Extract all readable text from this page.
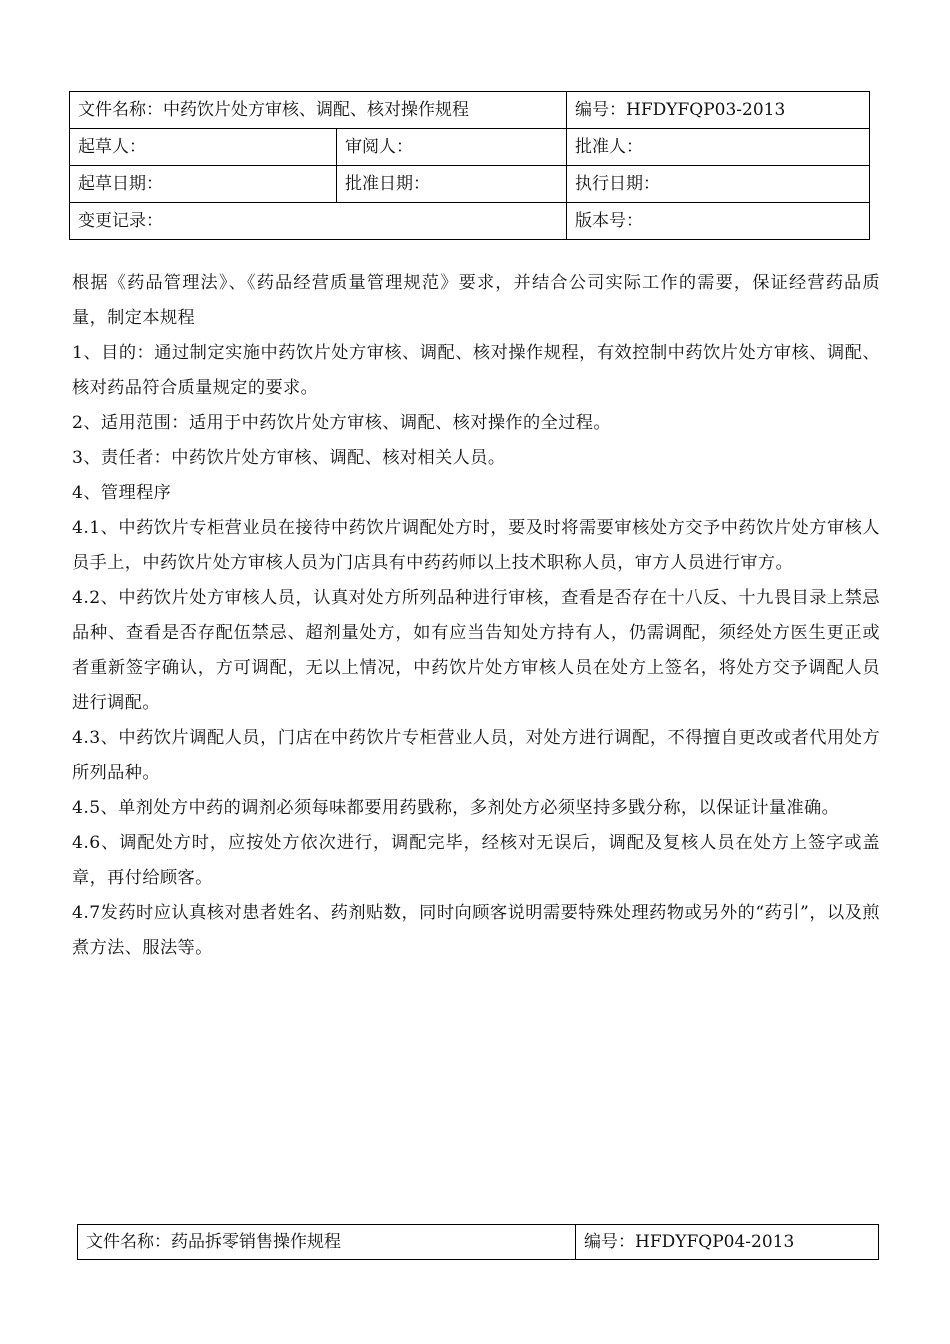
文件名称：中药饮片处方审核、调配、核对操作规程		编号：HFDYFQP03-2013
起草人：	审阅人：	批准人：
起草日期：	批准日期：	执行日期：
变更记录：		版本号：

根据《药品管理法》、《药品经营质量管理规范》要求，并结合公司实际工作的需要，保证经营药品质量，制定本规程

1、目的：通过制定实施中药饮片处方审核、调配、核对操作规程，有效控制中药饮片处方审核、调配、核对药品符合质量规定的要求。

2、适用范围：适用于中药饮片处方审核、调配、核对操作的全过程。

3、责任者：中药饮片处方审核、调配、核对相关人员。

4、管理程序

4.1、中药饮片专柜营业员在接待中药饮片调配处方时，要及时将需要审核处方交予中药饮片处方审核人员手上，中药饮片处方审核人员为门店具有中药药师以上技术职称人员，审方人员进行审方。

4.2、中药饮片处方审核人员，认真对处方所列品种进行审核，查看是否存在十八反、十九畏目录上禁忌品种、查看是否存配伍禁忌、超剂量处方，如有应当告知处方持有人，仍需调配，须经处方医生更正或者重新签字确认，方可调配，无以上情况，中药饮片处方审核人员在处方上签名，将处方交予调配人员进行调配。

4.3、中药饮片调配人员，门店在中药饮片专柜营业人员，对处方进行调配，不得擅自更改或者代用处方所列品种。

4.5、单剂处方中药的调剂必须每味都要用药戥称，多剂处方必须坚持多戥分称，以保证计量准确。

4.6、调配处方时，应按处方依次进行，调配完毕，经核对无误后，调配及复核人员在处方上签字或盖章，再付给顾客。

4.7发药时应认真核对患者姓名、药剂贴数，同时向顾客说明需要特殊处理药物或另外的“药引”，以及煎煮方法、服法等。

文件名称：药品拆零销售操作规程	编号：HFDYFQP04-2013
